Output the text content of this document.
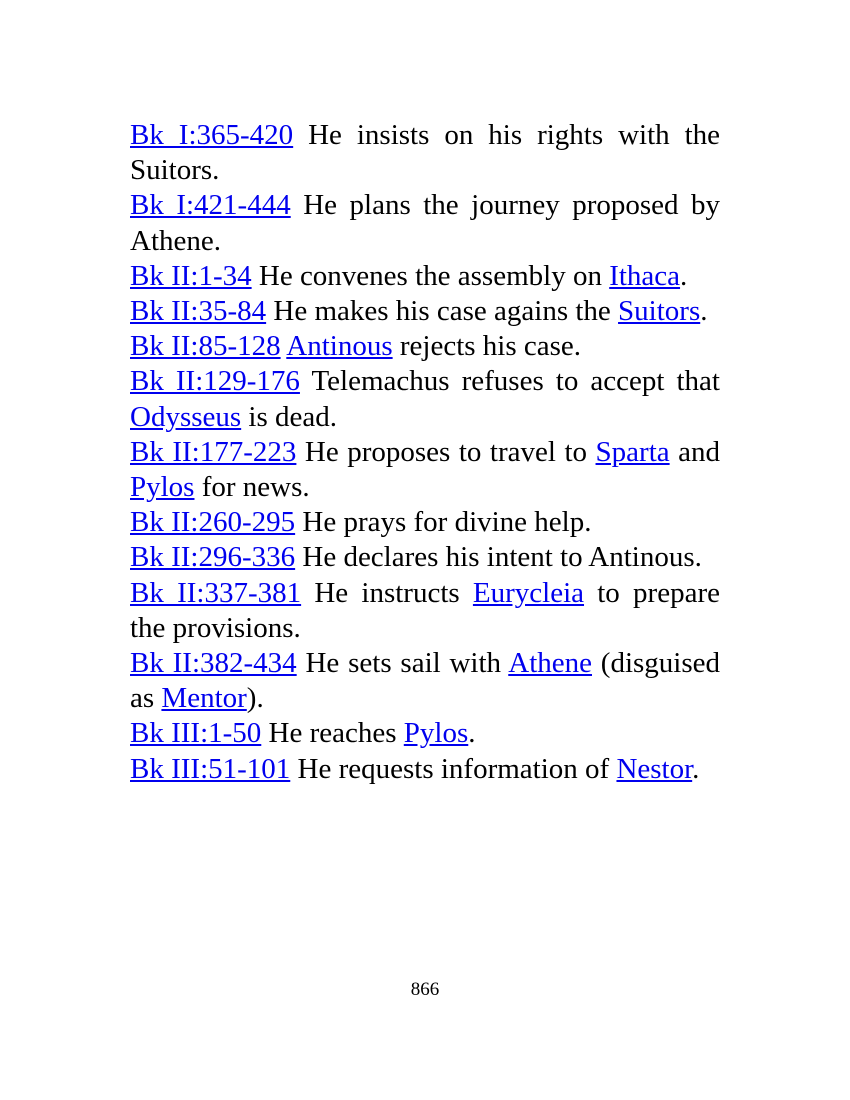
Bk I:365-420 He insists on his rights with the Suitors.

Bk I:421-444 He plans the journey proposed by Athene.

Bk II:1-34 He convenes the assembly on Ithaca.

Bk II:35-84 He makes his case agains the Suitors.

Bk II:85-128 Antinous rejects his case.

Bk II:129-176 Telemachus refuses to accept that Odysseus is dead.

Bk II:177-223 He proposes to travel to Sparta and Pylos for news.

Bk II:260-295 He prays for divine help.

Bk II:296-336 He declares his intent to Antinous.

Bk II:337-381 He instructs Eurycleia to prepare the provisions.

Bk II:382-434 He sets sail with Athene (disguised as Mentor).

Bk III:1-50 He reaches Pylos.

Bk III:51-101 He requests information of Nestor.

866
